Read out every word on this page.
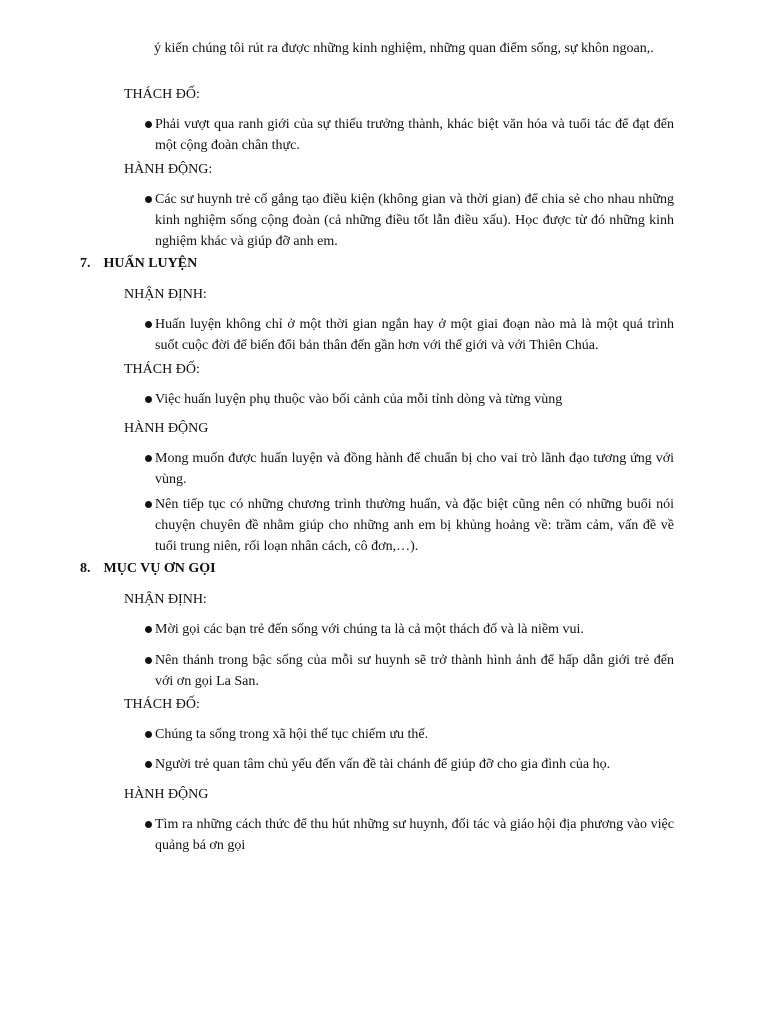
ý kiến chúng tôi rút ra được những kinh nghiệm, những quan điểm sống, sự khôn ngoan,.
THÁCH ĐỐ:
Phải vượt qua ranh giới của sự thiếu trưởng thành, khác biệt văn hóa và tuổi tác để đạt đến một cộng đoàn chân thực.
HÀNH ĐỘNG:
Các sư huynh trẻ cố gắng tạo điều kiện (không gian và thời gian) để chia sẻ cho nhau những kinh nghiệm sống cộng đoàn (cả những điều tốt lẫn điều xấu). Học được từ đó những kinh nghiệm khác và giúp đỡ anh em.
7. HUẤN LUYỆN
NHẬN ĐỊNH:
Huấn luyện không chỉ ở một thời gian ngắn hay ở một giai đoạn nào mà là một quá trình suốt cuộc đời để biến đổi bản thân đến gần hơn với thế giới và với Thiên Chúa.
THÁCH ĐỐ:
Việc huấn luyện phụ thuộc vào bối cảnh của mỗi tỉnh dòng và từng vùng
HÀNH ĐỘNG
Mong muốn được huấn luyện và đồng hành để chuẩn bị cho vai trò lãnh đạo tương ứng với vùng.
Nên tiếp tục có những chương trình thường huấn, và đặc biệt cũng nên có những buổi nói chuyện chuyên đề nhằm giúp cho những anh em bị khủng hoảng về: trầm cảm, vấn đề về tuổi trung niên, rối loạn nhân cách, cô đơn,…).
8. MỤC VỤ ƠN GỌI
NHẬN ĐỊNH:
Mời gọi các bạn trẻ đến sống với chúng ta là cả một thách đố và là niềm vui.
Nên thánh trong bậc sống của mỗi sư huynh sẽ trở thành hình ảnh để hấp dẫn giới trẻ đến với ơn gọi La San.
THÁCH ĐỐ:
Chúng ta sống trong xã hội thế tục chiếm ưu thế.
Người trẻ quan tâm chủ yếu đến vấn đề tài chánh để giúp đỡ cho gia đình của họ.
HÀNH ĐỘNG
Tìm ra những cách thức để thu hút những sư huynh, đối tác và giáo hội địa phương vào việc quảng bá ơn gọi
